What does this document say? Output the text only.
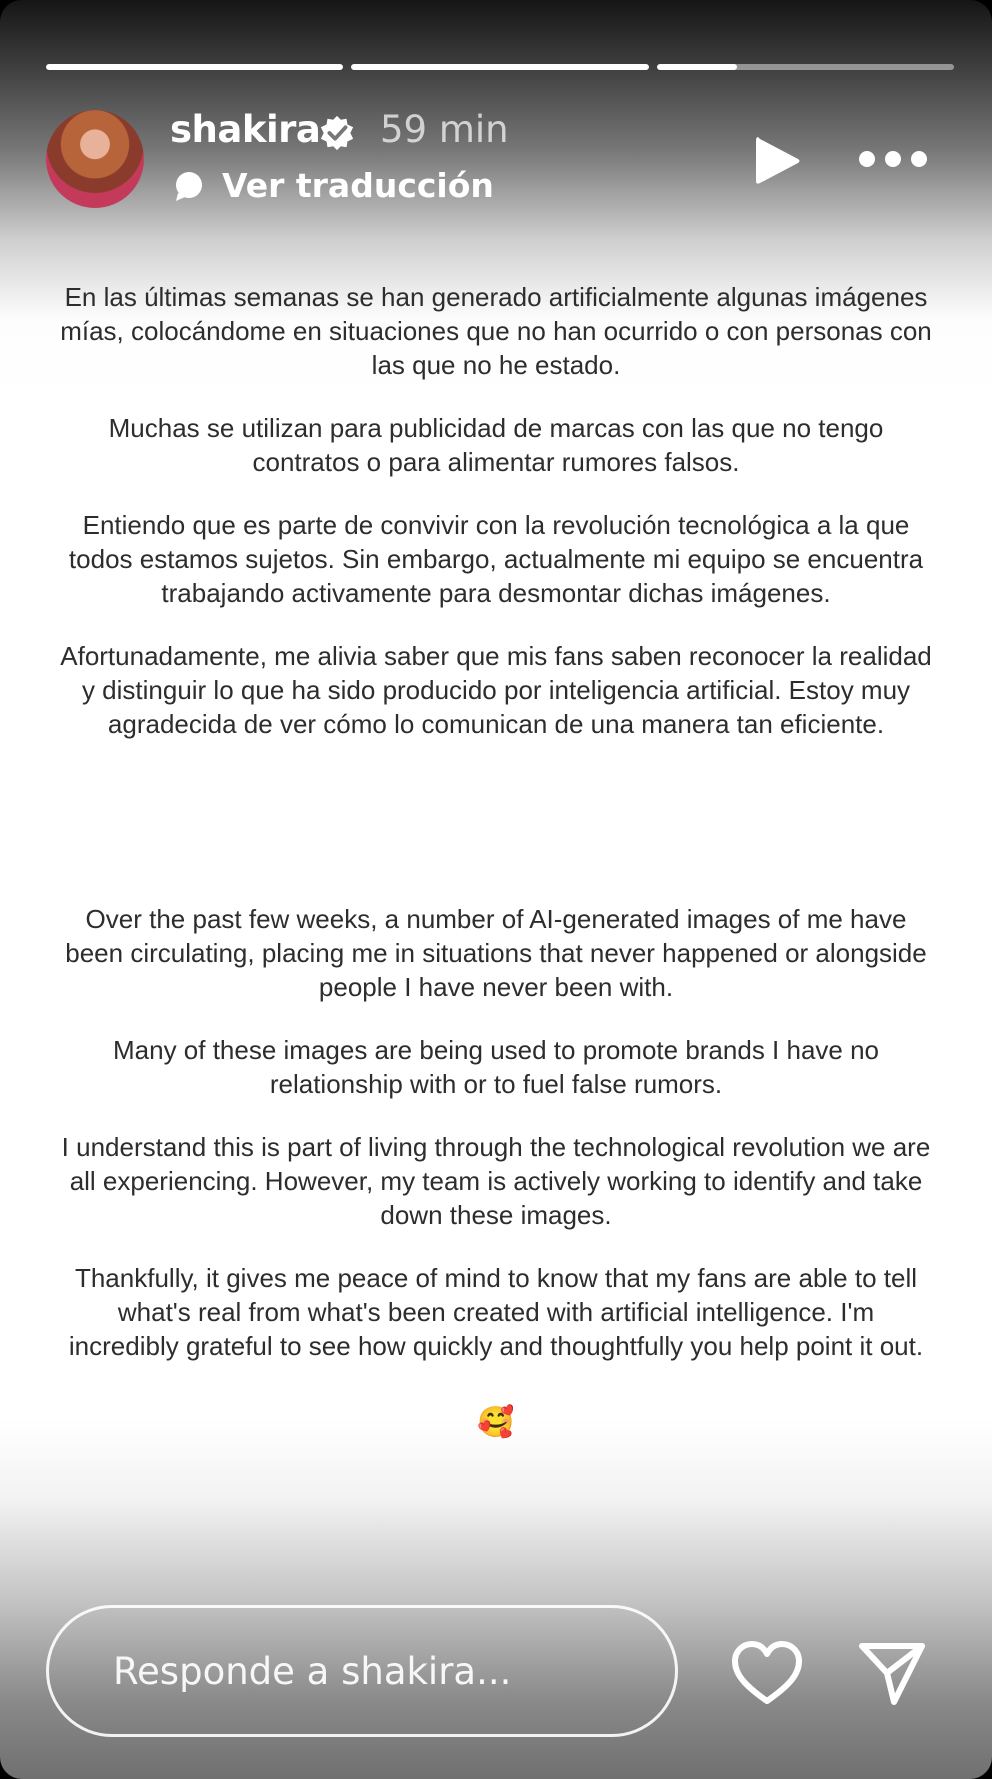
shakira 59 min
Ver traducción

En las últimas semanas se han generado artificialmente algunas imágenes mías, colocándome en situaciones que no han ocurrido o con personas con las que no he estado.

Muchas se utilizan para publicidad de marcas con las que no tengo contratos o para alimentar rumores falsos.

Entiendo que es parte de convivir con la revolución tecnológica a la que todos estamos sujetos. Sin embargo, actualmente mi equipo se encuentra trabajando activamente para desmontar dichas imágenes.

Afortunadamente, me alivia saber que mis fans saben reconocer la realidad y distinguir lo que ha sido producido por inteligencia artificial. Estoy muy agradecida de ver cómo lo comunican de una manera tan eficiente.

Over the past few weeks, a number of AI-generated images of me have been circulating, placing me in situations that never happened or alongside people I have never been with.

Many of these images are being used to promote brands I have no relationship with or to fuel false rumors.

I understand this is part of living through the technological revolution we are all experiencing. However, my team is actively working to identify and take down these images.

Thankfully, it gives me peace of mind to know that my fans are able to tell what's real from what's been created with artificial intelligence. I'm incredibly grateful to see how quickly and thoughtfully you help point it out.

🥰
Responde a shakira...
